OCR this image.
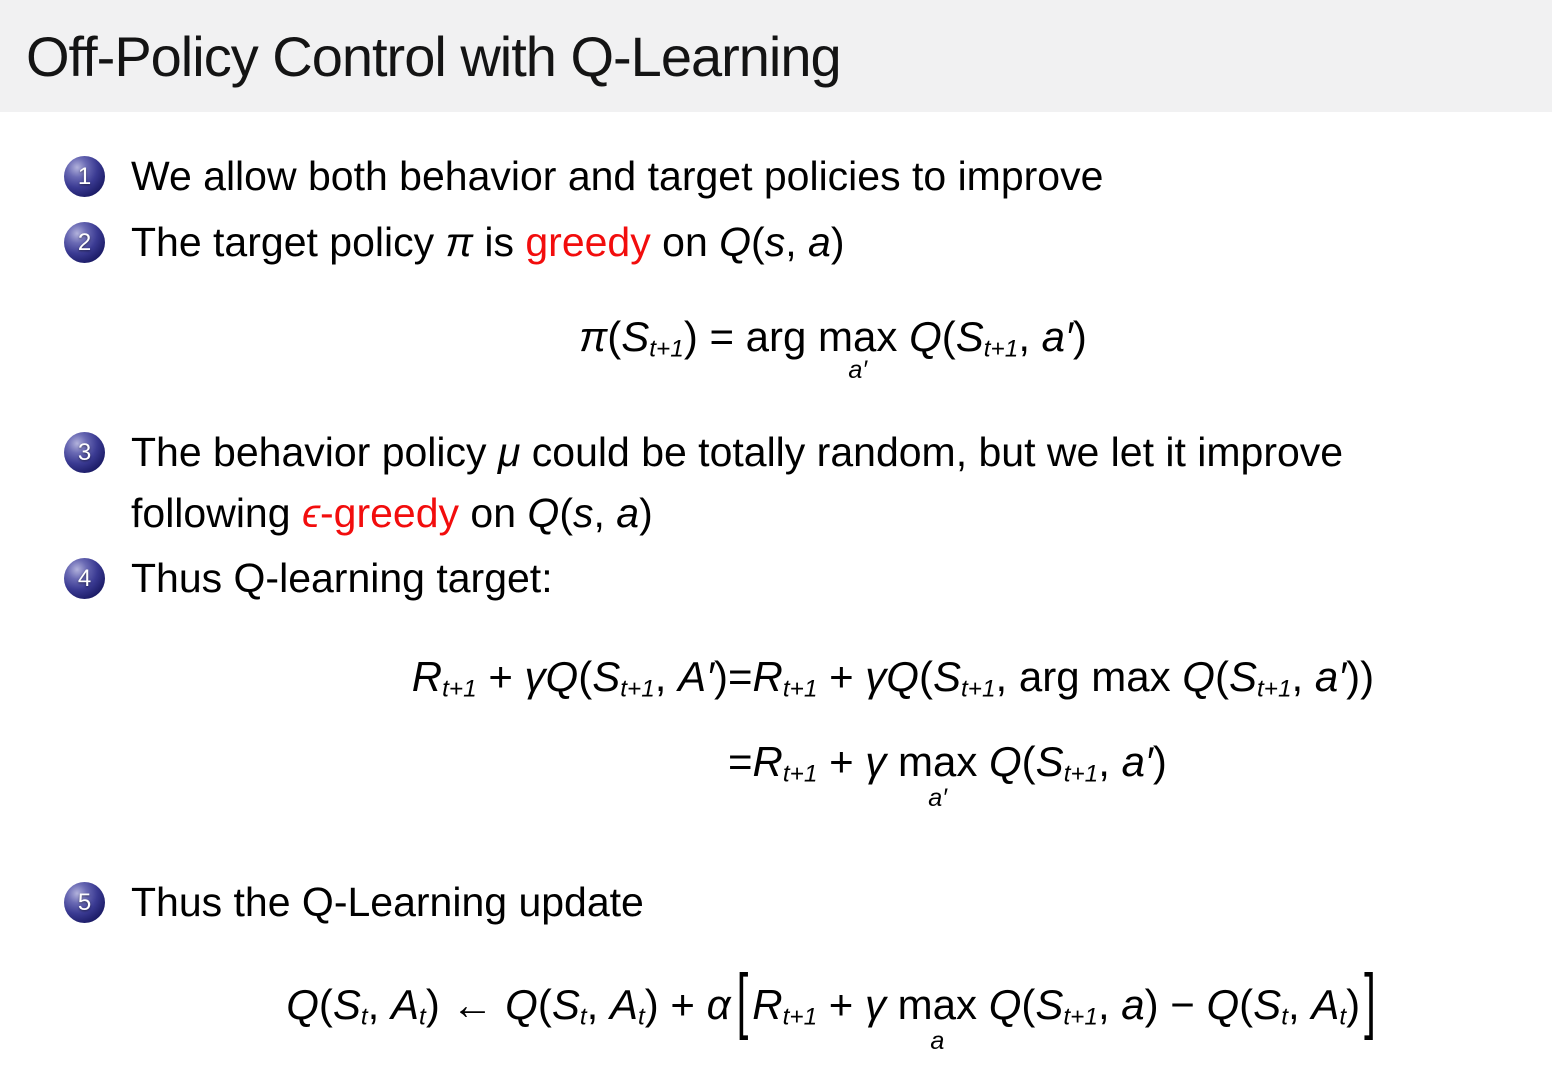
Off-Policy Control with Q-Learning
1 We allow both behavior and target policies to improve
2 The target policy π is greedy on Q(s, a)
π(St+1) = arg max
a′
Q(St+1, a′)
3 The behavior policy μ could be totally random, but we let it improve
following ϵ-greedy on Q(s, a)
4 Thus Q-learning target:
Rt+1 + γQ(St+1, A′) =Rt+1 + γQ(St+1, arg max Q(St+1, a′))
=Rt+1 + γ max
a′
Q(St+1, a′)
5 Thus the Q-Learning update
Q(St, At) ← Q(St, At) + α [Rt+1 + γ max
a
Q(St+1, a) − Q(St, At)]
